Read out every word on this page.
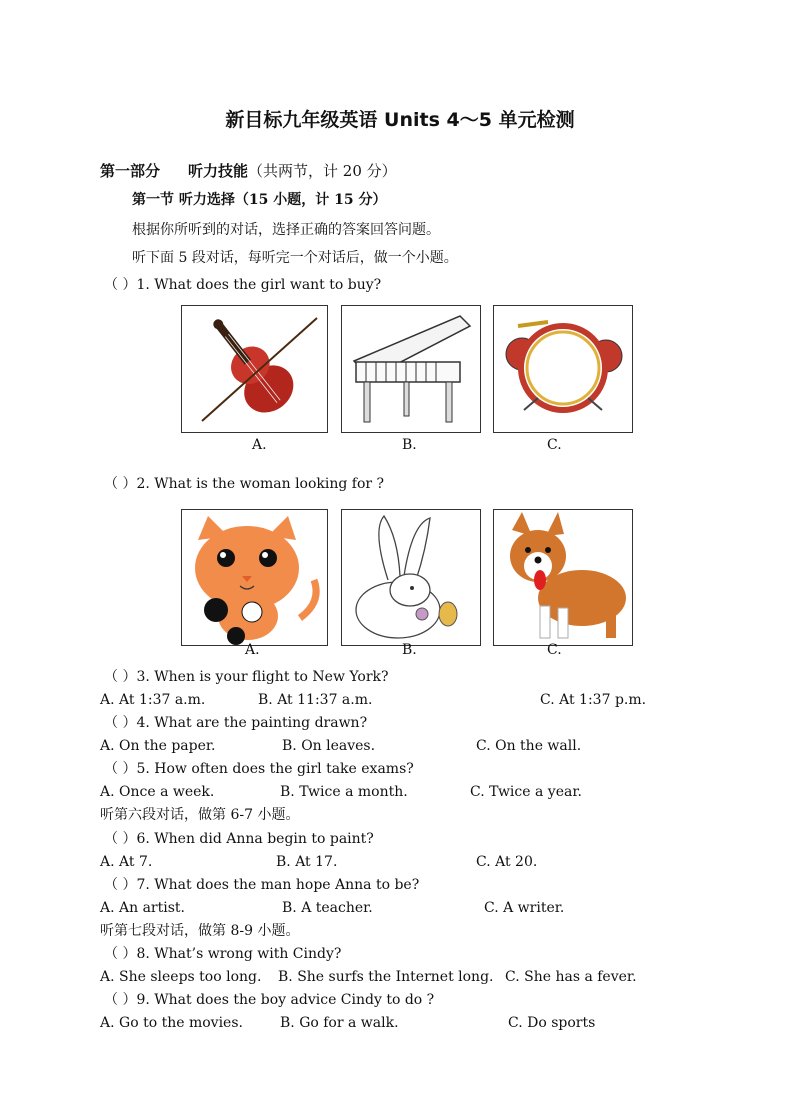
新目标九年级英语 Units 4～5 单元检测
第一部分 听力技能（共两节，计 20 分）
第一节 听力选择（15 小题，计 15 分）
根据你所听到的对话，选择正确的答案回答问题。
听下面 5 段对话，每听完一个对话后，做一个小题。
（ ）1. What does the girl want to buy?
A.	B.	C.
（ ）2. What is the woman looking for ?
A.	B.	C.
（ ）3. When is your flight to New York?
A. At 1:37 a.m.	B. At 11:37 a.m.	C. At 1:37 p.m.
（ ）4. What are the painting drawn?
A. On the paper.	B. On leaves.	C. On the wall.
（ ）5. How often does the girl take exams?
A. Once a week.	B. Twice a month.	C. Twice a year.
听第六段对话，做第 6-7 小题。
（ ）6. When did Anna begin to paint?
A. At 7.	B. At 17.	C. At 20.
（ ）7. What does the man hope Anna to be?
A. An artist.	B. A teacher.	C. A writer.
听第七段对话，做第 8-9 小题。
（ ）8. What’s wrong with Cindy?
A. She sleeps too long. B. She surfs the Internet long. C. She has a fever.
（ ）9. What does the boy advice Cindy to do ?
A. Go to the movies.	B. Go for a walk.	C. Do sports
